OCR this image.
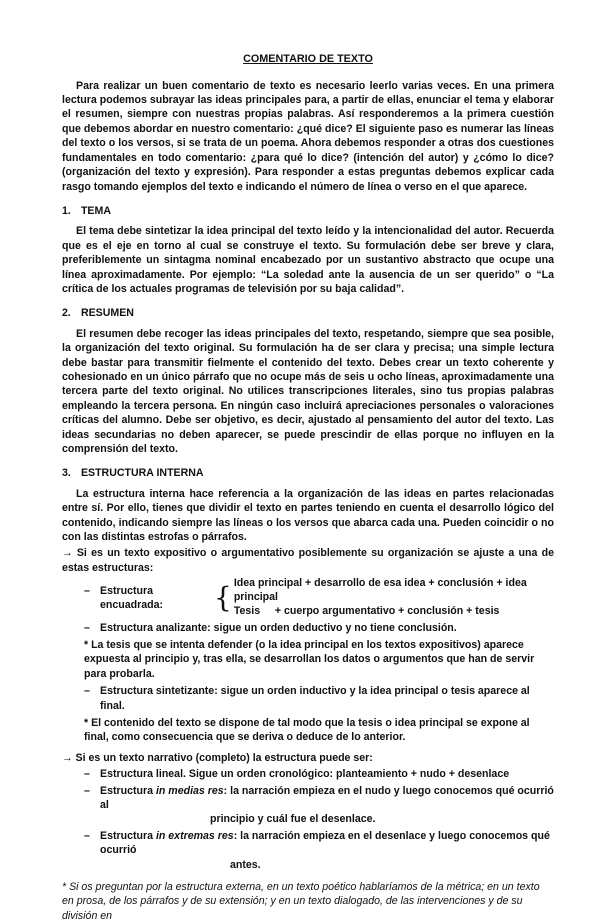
COMENTARIO DE TEXTO

Para realizar un buen comentario de texto es necesario leerlo varias veces. En una primera lectura podemos subrayar las ideas principales para, a partir de ellas, enunciar el tema y elaborar el resumen, siempre con nuestras propias palabras. Así responderemos a la primera cuestión que debemos abordar en nuestro comentario: ¿qué dice? El siguiente paso es numerar las líneas del texto o los versos, si se trata de un poema. Ahora debemos responder a otras dos cuestiones fundamentales en todo comentario: ¿para qué lo dice? (intención del autor) y ¿cómo lo dice? (organización del texto y expresión). Para responder a estas preguntas debemos explicar cada rasgo tomando ejemplos del texto e indicando el número de línea o verso en el que aparece.

1. TEMA

El tema debe sintetizar la idea principal del texto leído y la intencionalidad del autor. Recuerda que es el eje en torno al cual se construye el texto. Su formulación debe ser breve y clara, preferiblemente un sintagma nominal encabezado por un sustantivo abstracto que ocupe una línea aproximadamente. Por ejemplo: “La soledad ante la ausencia de un ser querido” o “La crítica de los actuales programas de televisión por su baja calidad”.

2. RESUMEN

El resumen debe recoger las ideas principales del texto, respetando, siempre que sea posible, la organización del texto original. Su formulación ha de ser clara y precisa; una simple lectura debe bastar para transmitir fielmente el contenido del texto. Debes crear un texto coherente y cohesionado en un único párrafo que no ocupe más de seis u ocho líneas, aproximadamente una tercera parte del texto original. No utilices transcripciones literales, sino tus propias palabras empleando la tercera persona. En ningún caso incluirá apreciaciones personales o valoraciones críticas del alumno. Debe ser objetivo, es decir, ajustado al pensamiento del autor del texto. Las ideas secundarias no deben aparecer, se puede prescindir de ellas porque no influyen en la comprensión del texto.

3. ESTRUCTURA INTERNA

La estructura interna hace referencia a la organización de las ideas en partes relacionadas entre sí. Por ello, tienes que dividir el texto en partes teniendo en cuenta el desarrollo lógico del contenido, indicando siempre las líneas o los versos que abarca cada una. Pueden coincidir o no con las distintas estrofas o párrafos.

→ Si es un texto expositivo o argumentativo posiblemente su organización se ajuste a una de estas estructuras:

– Estructura encuadrada:	{ Idea principal + desarrollo de esa idea + conclusión + idea principal
Tesis     + cuerpo argumentativo + conclusión + tesis
– Estructura analizante: sigue un orden deductivo y no tiene conclusión.

* La tesis que se intenta defender (o la idea principal en los textos expositivos) aparece expuesta al principio y, tras ella, se desarrollan los datos o argumentos que han de servir para probarla.

– Estructura sintetizante: sigue un orden inductivo y la idea principal o tesis aparece al final.

* El contenido del texto se dispone de tal modo que la tesis o idea principal se expone al final, como consecuencia que se deriva o deduce de lo anterior.

→ Si es un texto narrativo (completo) la estructura puede ser:

– Estructura lineal. Sigue un orden cronológico: planteamiento + nudo + desenlace
– Estructura in medias res: la narración empieza en el nudo y luego conocemos qué ocurrió al
principio y cuál fue el desenlace.
– Estructura in extremas res: la narración empieza en el desenlace y luego conocemos qué ocurrió
antes.

* Si os preguntan por la estructura externa, en un texto poético hablaríamos de la métrica; en un texto en prosa, de los párrafos y de su extensión; y en un texto dialogado, de las intervenciones y de su división en
